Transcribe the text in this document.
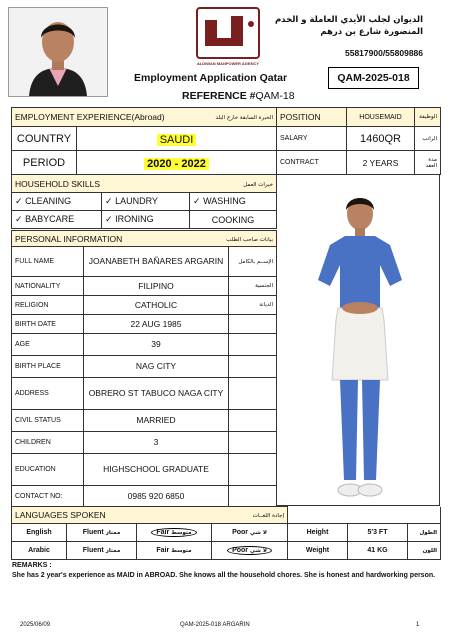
ALDIWAN MANPOWER AGENCY
الديوان لجلب الأيدي العاملة و الخدم
المنصورة شارع بن درهم
55817900/55809886
Employment Application Qatar
REFERENCE #QAM-18
QAM-2025-018
EMPLOYMENT EXPERIENCE(Abroad) الخبرة السابقة خارج البلد	

COUNTRY	SAUDI
PERIOD	2020 - 2022
POSITION	HOUSEMAID	الوظيفة
SALARY	1460QR	الراتب
CONTRACT	2 YEARS	مدة العقد
HOUSEHOLD SKILLS خبرات العمل		

✓ CLEANING	✓ LAUNDRY	✓ WASHING
✓ BABYCARE	✓ IRONING	COOKING
PERSONAL INFORMATION بيانات صاحب الطلب		

FULL NAME	JOANABETH BAÑARES ARGARIN	الإســم بالكامل
NATIONALITY	FILIPINO	الجنسية
RELIGION	CATHOLIC	الديانة
BIRTH DATE	22 AUG 1985	
AGE	39	
BIRTH PLACE	NAG CITY	
ADDRESS	OBRERO ST TABUCO NAGA CITY	
CIVIL STATUS	MARRIED	
CHILDREN	3	
EDUCATION	HIGHSCHOOL GRADUATE	
CONTACT NO:	0985 920 6850	
LANGUAGES SPOKEN إجادة اللغــات						

English	Fluent ممتاز	Fair متوسط	Poor لا شي	Height	5'3 FT	الطول
Arabic	Fluent ممتاز	Fair متوسط	Poor لا شي	Weight	41 KG	اللون
REMARKS :
She has 2 year's experience as MAID in ABROAD. She knows all the household chores. She is honest and hardworking person.
2025/06/09	QAM-2025-018 ARGARIN	1
